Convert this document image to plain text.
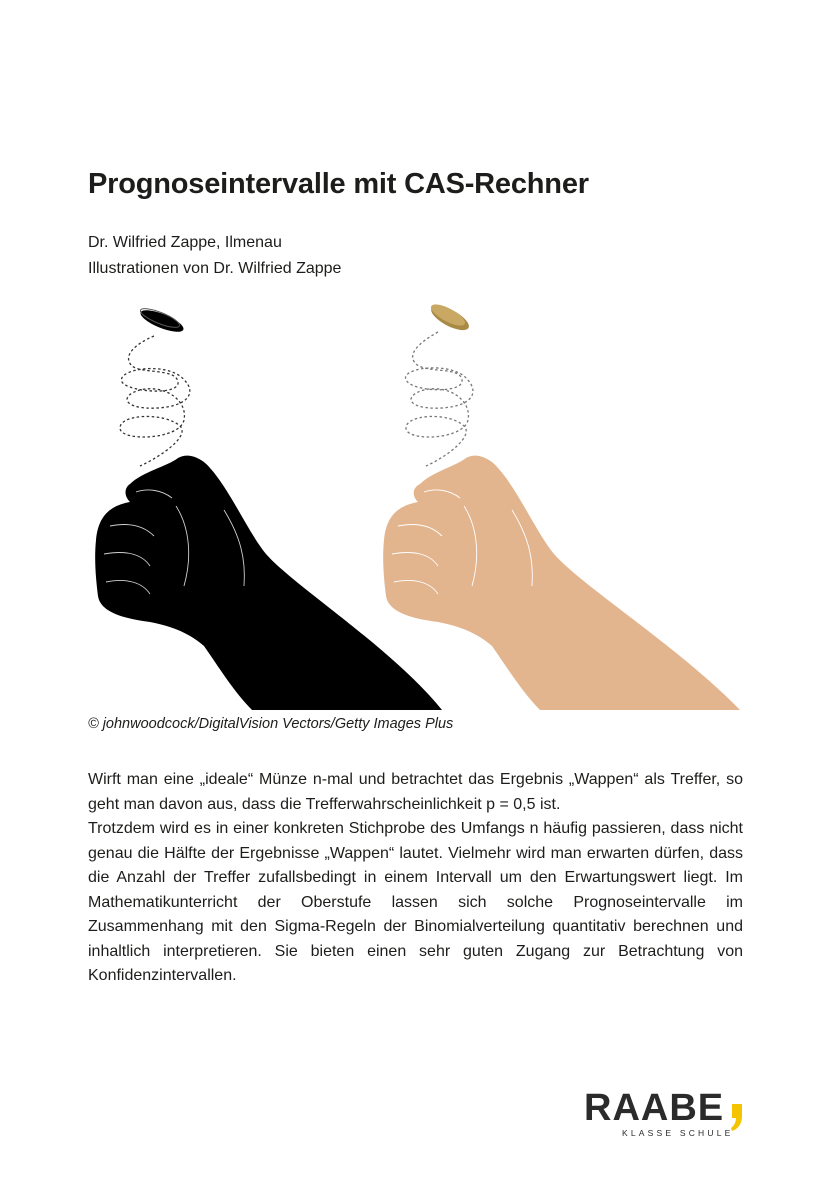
Prognoseintervalle mit CAS-Rechner
Dr. Wilfried Zappe, Ilmenau
Illustrationen von Dr. Wilfried Zappe
© johnwoodcock/DigitalVision Vectors/Getty Images Plus

Wirft man eine „ideale“ Münze n-mal und betrachtet das Ergebnis „Wappen“ als Treffer, so geht man davon aus, dass die Trefferwahrscheinlichkeit p = 0,5 ist.

Trotzdem wird es in einer konkreten Stichprobe des Umfangs n häufig passieren, dass nicht genau die Hälfte der Ergebnisse „Wappen“ lautet. Vielmehr wird man erwarten dürfen, dass die Anzahl der Treffer zufallsbedingt in einem Intervall um den Erwartungswert liegt. Im Mathematikunterricht der Oberstufe lassen sich solche Prognoseintervalle im Zusammenhang mit den Sigma-Regeln der Binomialverteilung quantitativ berechnen und inhaltlich interpretieren. Sie bieten einen sehr guten Zugang zur Betrachtung von Konfidenzintervallen.

RAABE
KLASSE SCHULE
